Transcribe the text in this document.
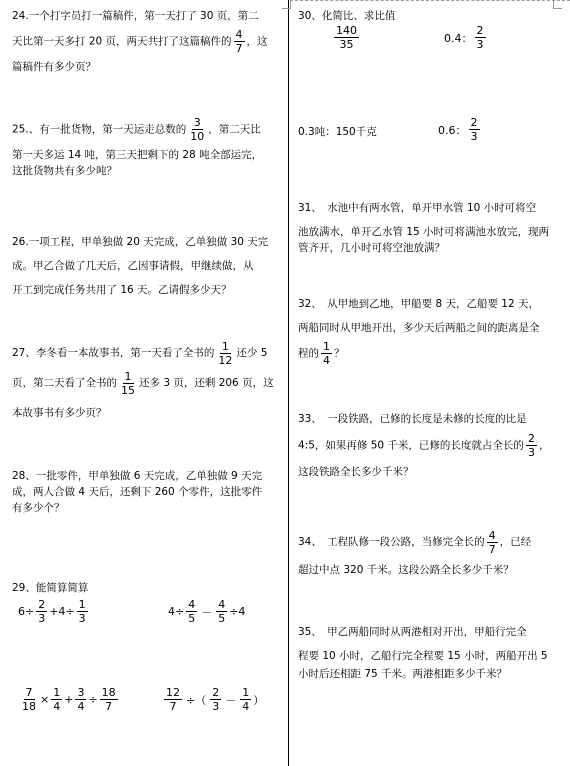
24.一个打字员打一篇稿件，第一天打了 30 页，第二
天比第一天多打 20 页，两天共打了这篇稿件的 $\frac{4}{7}$ ，这
篇稿件有多少页？
25.、有一批货物，第一天运走总数的 $\frac{3}{10}$ ，第二天比
第一天多运 14 吨，第三天把剩下的 28 吨全部运完，
这批货物共有多少吨？
26.一项工程，甲单独做 20 天完成，乙单独做 30 天完
成。甲乙合做了几天后，乙因事请假，甲继续做，从
开工到完成任务共用了 16 天。乙请假多少天？
27、李冬看一本故事书，第一天看了全书的 $\frac{1}{12}$ 还少 5
页，第二天看了全书的 $\frac{1}{15}$ 还多 3 页，还剩 206 页，这
本故事书有多少页？
28、一批零件，甲单独做 6 天完成，乙单独做 9 天完
成，两人合做 4 天后，还剩下 260 个零件，这批零件
有多少个？
29、能简算简算
$6\div \frac{2}{3} +4\div \frac{1}{3}$	$4\div \frac{4}{5} - \frac{4}{5} \div 4$
$\frac{7}{18} \times \frac{1}{4} + \frac{3}{4} \div \frac{18}{7}$	$\frac{12}{7}$ ÷（ $\frac{2}{3} - \frac{1}{4}$ ）
30、化简比、求比值
$\frac{140}{35}$	0.4： $\frac{2}{3}$
0.3吨：150千克	0.6： $\frac{2}{3}$
31、　水池中有两水管，单开甲水管 10 小时可将空
池放满水，单开乙水管 15 小时可将满池水放完，现两
管齐开，几小时可将空池放满？
32、　从甲地到乙地，甲船要 8 天，乙船要 12 天，
两船同时从甲地开出，多少天后两船之间的距离是全
程的 $\frac{1}{4}$ ？
33、　一段铁路，已修的长度是未修的长度的比是
4:5，如果再修 50 千米，已修的长度就占全长的 $\frac{2}{3}$ ，
这段铁路全长多少千米？
34、　工程队修一段公路，当修完全长的 $\frac{4}{7}$ ，已经
超过中点 320 千米。这段公路全长多少千米？
35、　甲乙两船同时从两港相对开出，甲船行完全
程要 10 小时，乙船行完全程要 15 小时，两船开出 5
小时后还相距 75 千米。两港相距多少千米？
